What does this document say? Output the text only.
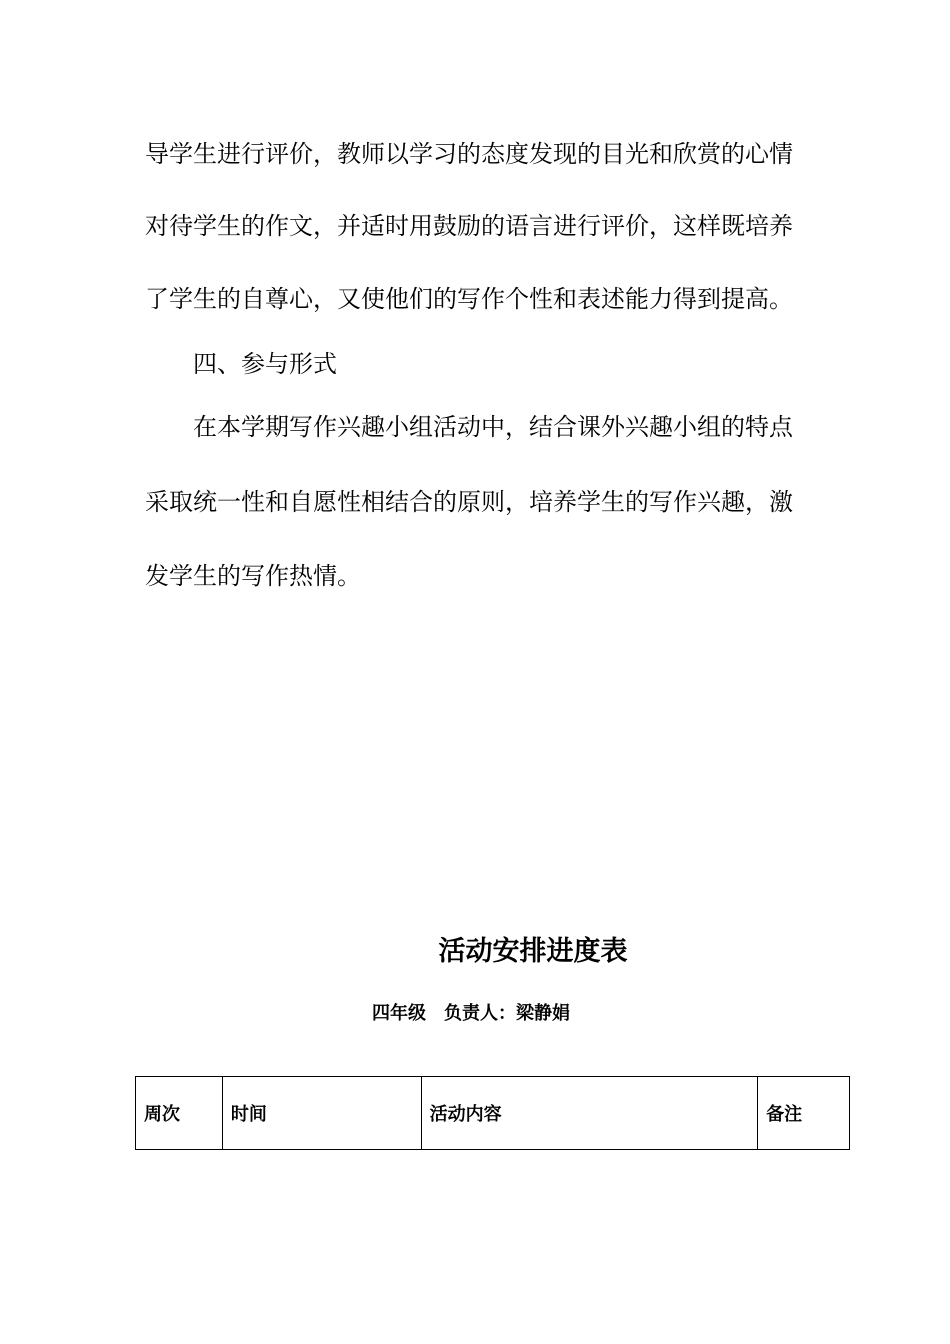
导学生进行评价，教师以学习的态度发现的目光和欣赏的心情

对待学生的作文，并适时用鼓励的语言进行评价，这样既培养

了学生的自尊心，又使他们的写作个性和表述能力得到提高。

四、参与形式

在本学期写作兴趣小组活动中，结合课外兴趣小组的特点

采取统一性和自愿性相结合的原则，培养学生的写作兴趣，激

发学生的写作热情。

活动安排进度表
四年级　负责人：梁静娟
周次	时间	活动内容	备注
